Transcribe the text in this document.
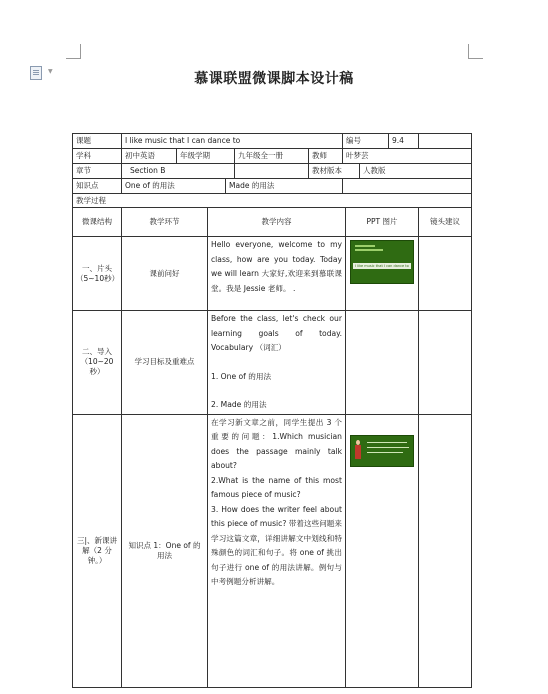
▼	慕课联盟微课脚本设计稿
课题	I like music that I can dance to 编号 9.4			

学科	初中英语 年级学期 九年级全一册 教师 叶梦芸			

章节	Section B 教材版本 人教版			

知识点	One of 的用法 Made 的用法			

教学过程				
微课结构	教学环节	教学内容	PPT 图片	镜头建议
一、片头（5~10秒）	课前问好	Hello everyone, welcome to my class, how are you today. Today we will learn 大家好,欢迎来到慕联课堂。我是 Jessie 老师。 .	I like music that I can dance to	

二、导入（10~20秒）	学习目标及重难点	Before the class, let's check our learning goals of today. Vocabulary （词汇）
1. One of 的用法
2. Made 的用法		

三|、新课讲解（2 分钟。）	知识点 1：One of 的用法	在学习新文章之前，同学生提出 3 个重要的问题：1.Which musician does the passage mainly talk about?
2.What is the name of this most famous piece of music?
3. How does the writer feel about this piece of music? 带着这些问题来学习这篇文章，详细讲解文中划线和特殊颜色的词汇和句子。将 one of 挑出句子进行 one of 的用法讲解。例句与中考例题分析讲解。		
